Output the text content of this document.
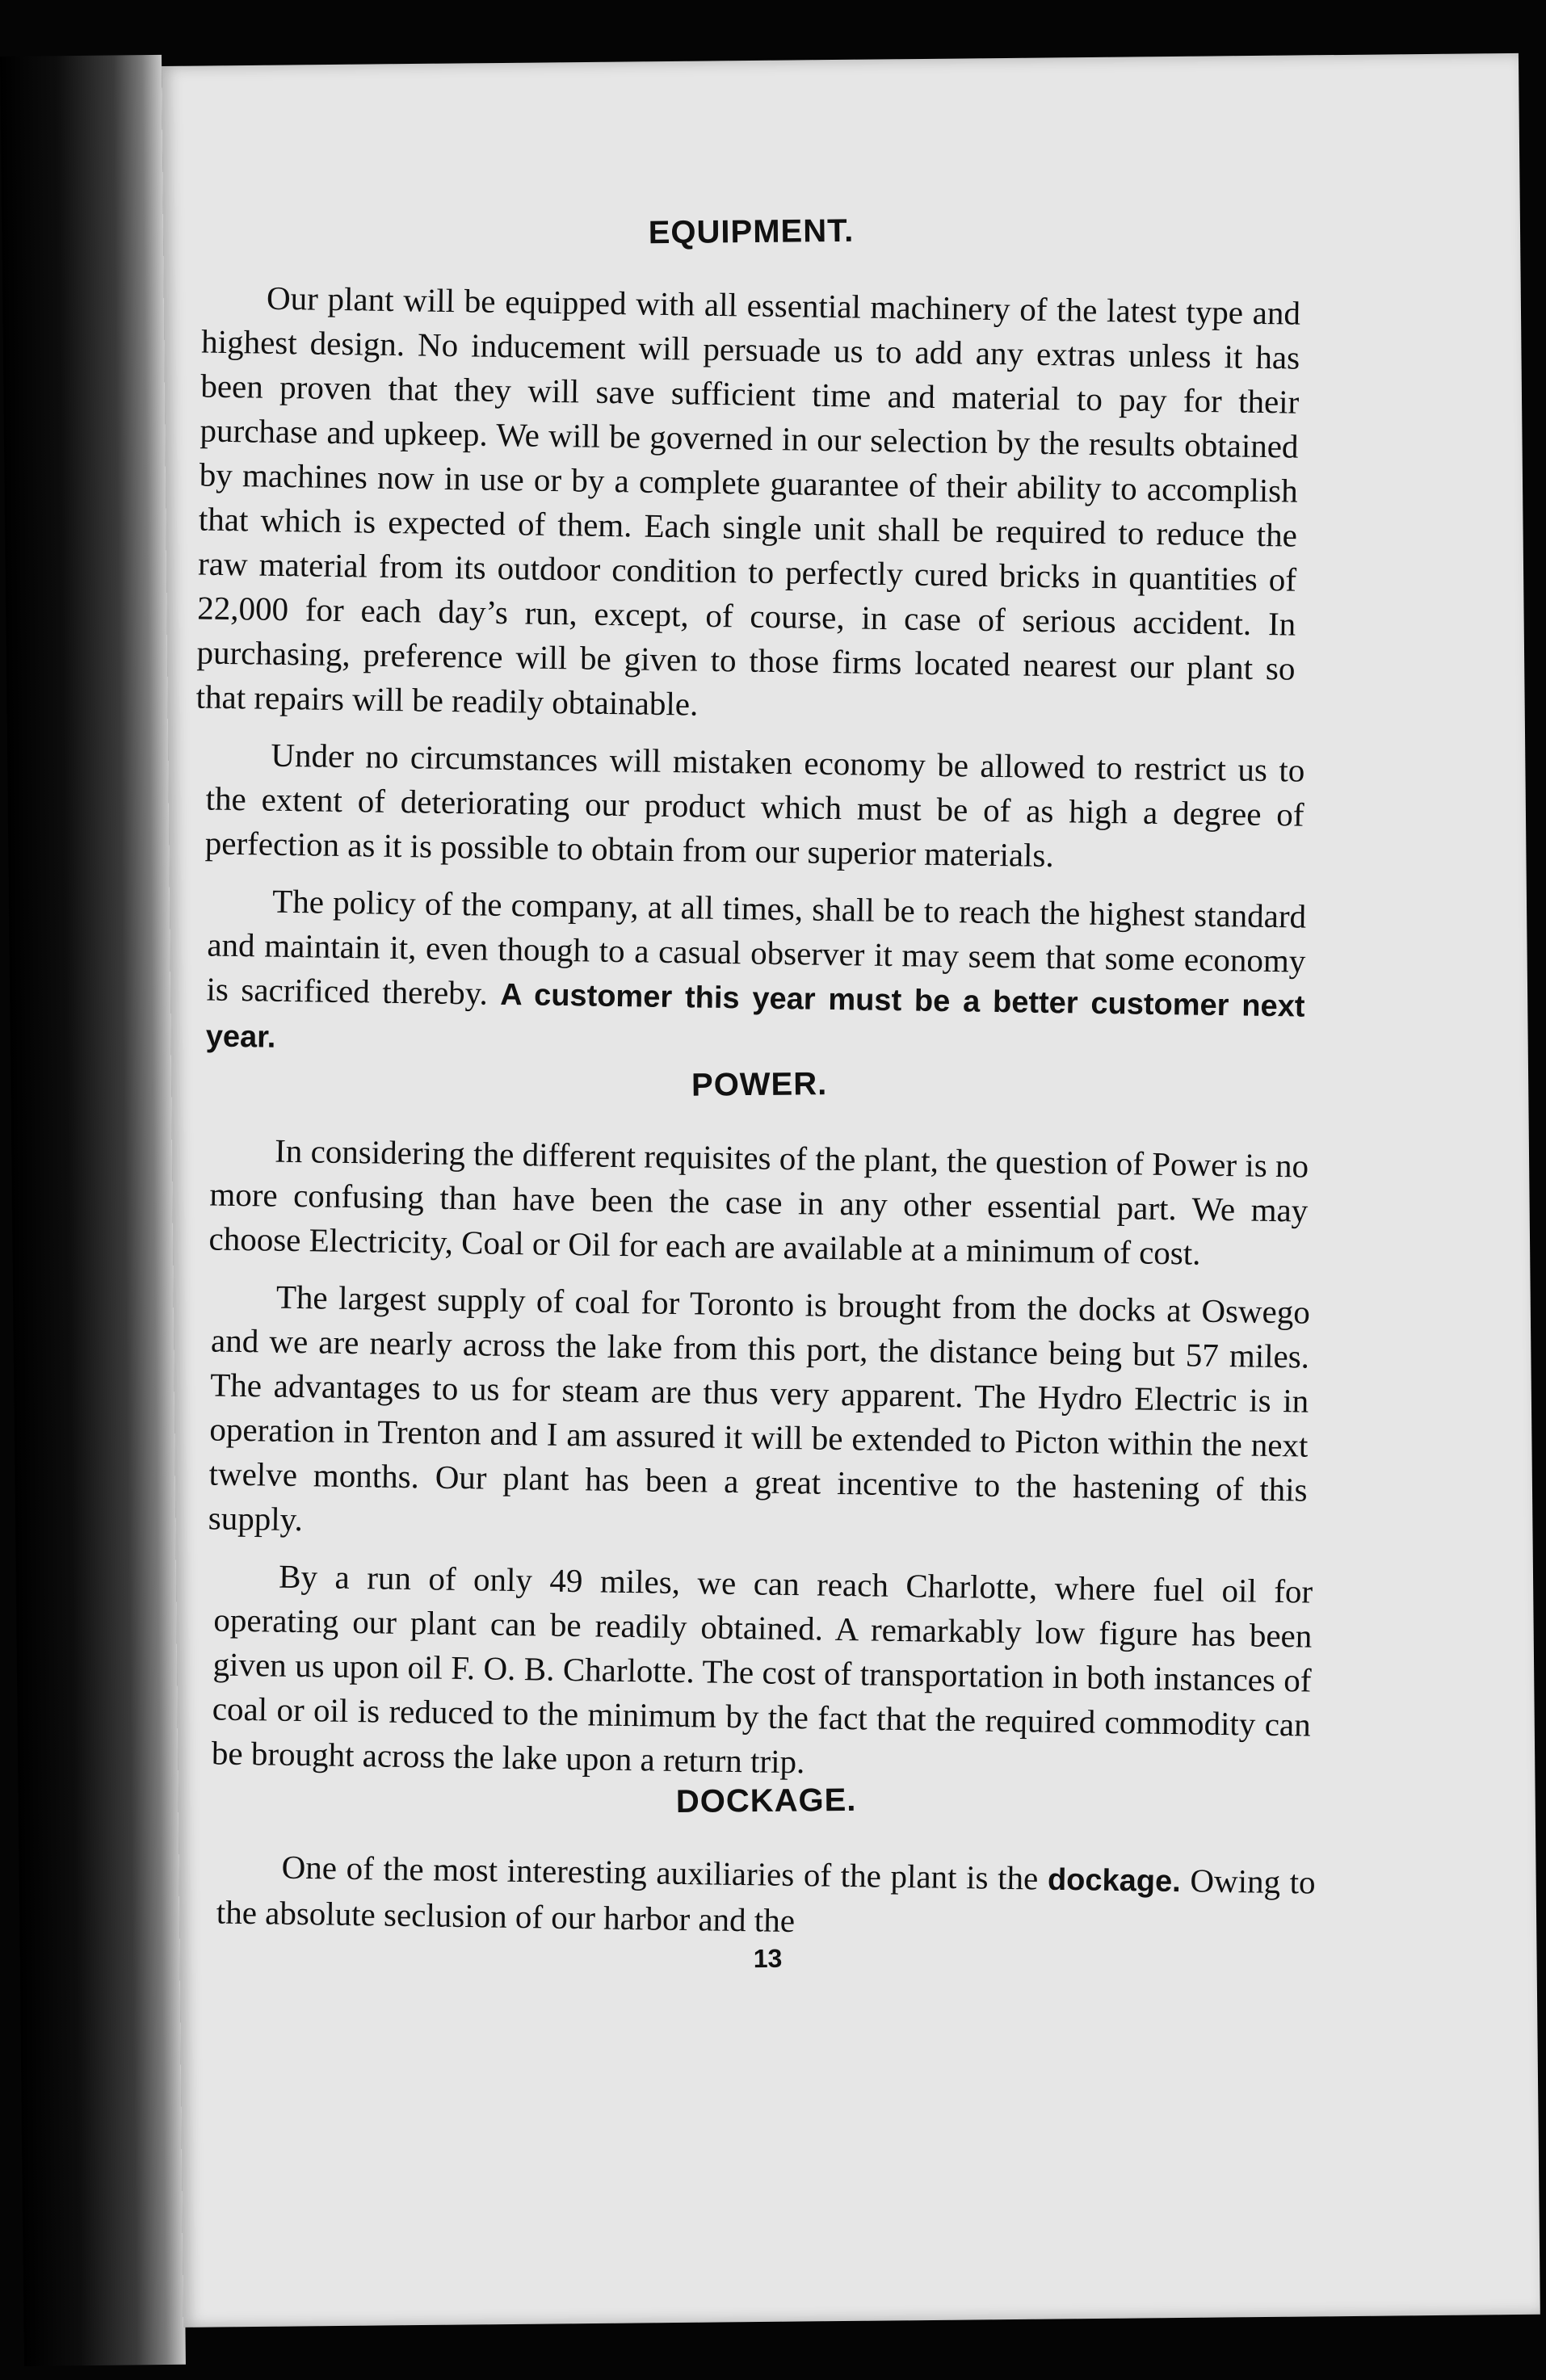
EQUIPMENT.

Our plant will be equipped with all essential machinery of the latest type and highest design. No inducement will persuade us to add any extras unless it has been proven that they will save sufficient time and material to pay for their purchase and upkeep. We will be governed in our selection by the results obtained by machines now in use or by a complete guarantee of their ability to accomplish that which is expected of them. Each single unit shall be required to reduce the raw material from its outdoor condition to perfectly cured bricks in quantities of 22,000 for each day’s run, except, of course, in case of serious accident. In purchasing, preference will be given to those firms located nearest our plant so that repairs will be readily obtainable.

Under no circumstances will mistaken economy be allowed to restrict us to the extent of deteriorating our product which must be of as high a degree of perfection as it is possible to obtain from our superior materials.

The policy of the company, at all times, shall be to reach the highest standard and maintain it, even though to a casual observer it may seem that some economy is sacrificed thereby. A customer this year must be a better customer next year.

POWER.

In considering the different requisites of the plant, the question of Power is no more confusing than have been the case in any other essential part. We may choose Electricity, Coal or Oil for each are available at a minimum of cost.

The largest supply of coal for Toronto is brought from the docks at Oswego and we are nearly across the lake from this port, the distance being but 57 miles. The advantages to us for steam are thus very apparent. The Hydro Electric is in operation in Trenton and I am assured it will be extended to Picton within the next twelve months. Our plant has been a great incentive to the hastening of this supply.

By a run of only 49 miles, we can reach Charlotte, where fuel oil for operating our plant can be readily obtained. A remarkably low figure has been given us upon oil F. O. B. Charlotte. The cost of transportation in both instances of coal or oil is reduced to the minimum by the fact that the required commodity can be brought across the lake upon a return trip.

DOCKAGE.

One of the most interesting auxiliaries of the plant is the dockage. Owing to the absolute seclusion of our harbor and the

13
